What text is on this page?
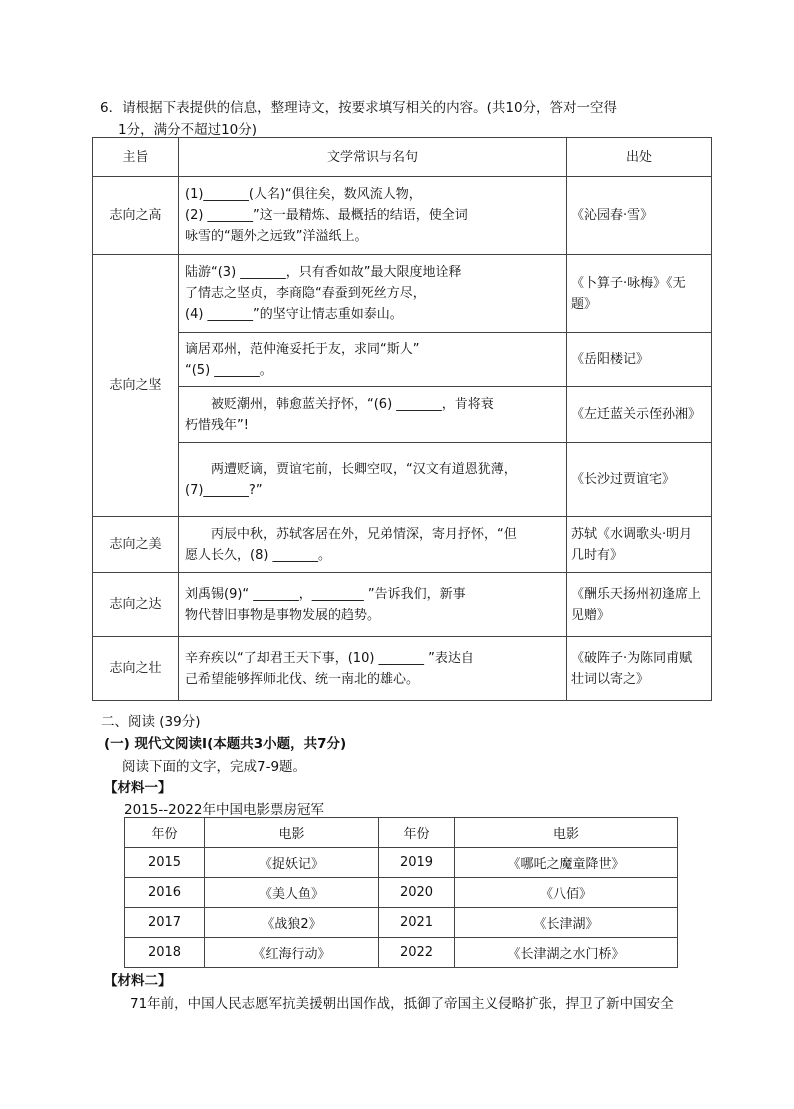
6．请根据下表提供的信息，整理诗文，按要求填写相关的内容。(共10分，答对一空得
1分，满分不超过10分)
主旨	文学常识与名句	出处
志向之高	(1)_______(人名)“俱往矣，数风流人物，
(2) _______”这一最精炼、最概括的结语，使全词
咏雪的“题外之远致”洋溢纸上。	《沁园春·雪》
志向之坚	陆游“(3) _______，只有香如故”最大限度地诠释
了情志之坚贞，李商隐“春蚕到死丝方尽，
(4) _______”的坚守让情志重如泰山。	《卜算子·咏梅》《无题》

	谪居邓州，范仲淹妥托于友，求同“斯人”
“(5) _______。	《岳阳楼记》

	被贬潮州，韩愈蓝关抒怀，“(6) _______，肯将衰
朽惜残年”!	《左迁蓝关示侄孙湘》

	两遭贬谪，贾谊宅前，长卿空叹，“汉文有道恩犹薄，
(7)_______?”	《长沙过贾谊宅》
志向之美	丙辰中秋，苏轼客居在外，兄弟情深，寄月抒怀，“但
愿人长久，(8) _______。	苏轼《水调歌头·明月几时有》
志向之达	刘禹锡(9)“ _______，________ ”告诉我们，新事
物代替旧事物是事物发展的趋势。	《酬乐天扬州初逢席上见赠》
志向之壮	辛弃疾以“了却君王天下事，(10) _______ ”表达自
己希望能够挥师北伐、统一南北的雄心。	《破阵子·为陈同甫赋壮词以寄之》
二、阅读 (39分)
(一) 现代文阅读Ⅰ(本题共3小题，共7分)
阅读下面的文字，完成7-9题。
【材料一】
2015--2022年中国电影票房冠军
年份	电影	年份	电影
2015	《捉妖记》	2019	《哪吒之魔童降世》
2016	《美人鱼》	2020	《八佰》
2017	《战狼2》	2021	《长津湖》
2018	《红海行动》	2022	《长津湖之水门桥》
【材料二】
71年前，中国人民志愿军抗美援朝出国作战，抵御了帝国主义侵略扩张，捍卫了新中国安全
